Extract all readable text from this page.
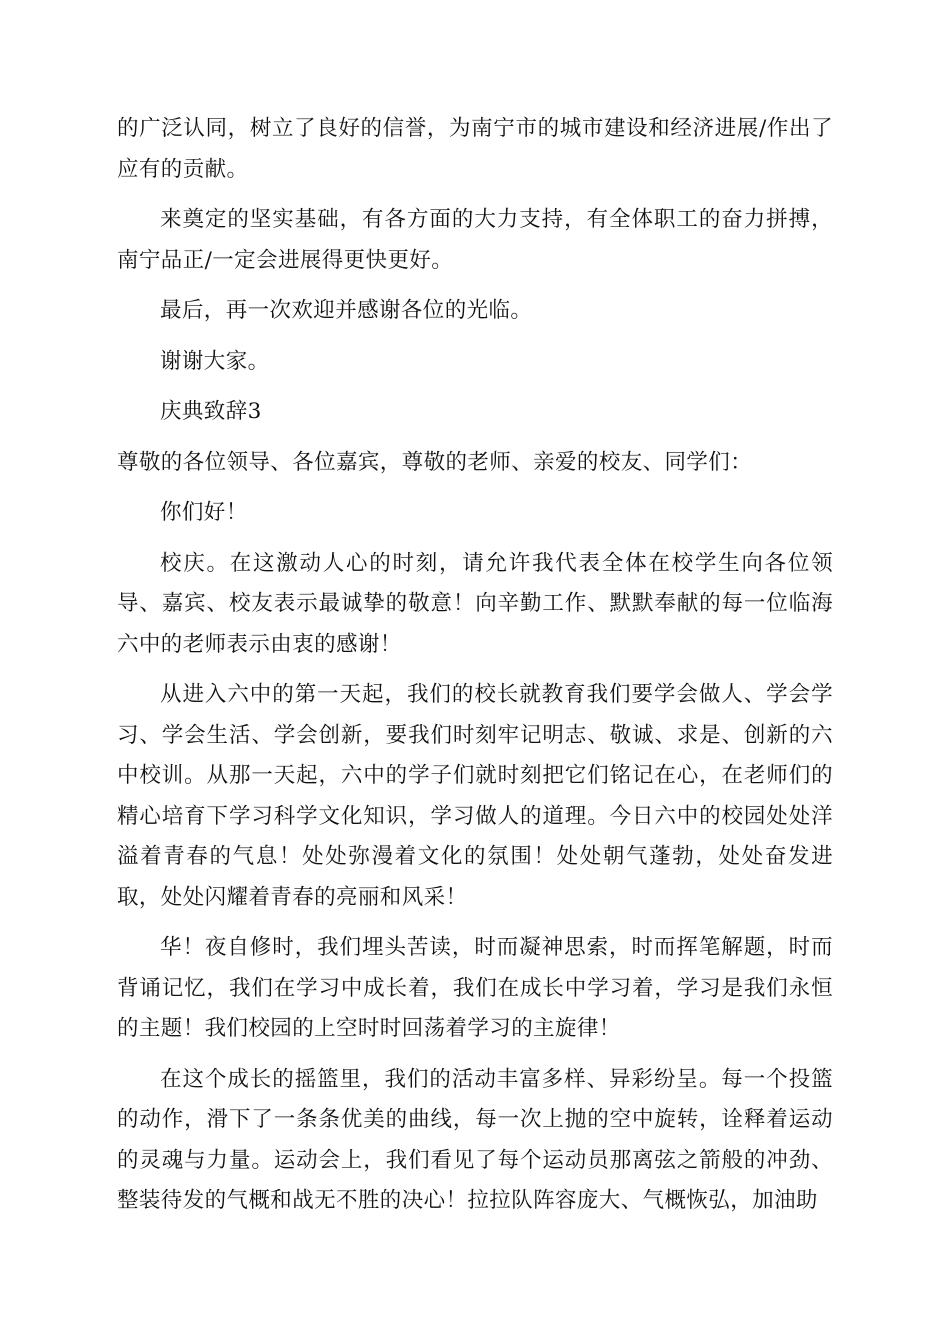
的广泛认同，树立了良好的信誉，为南宁市的城市建设和经济进展/作出了应有的贡献。

来奠定的坚实基础，有各方面的大力支持，有全体职工的奋力拼搏，南宁品正/一定会进展得更快更好。

最后，再一次欢迎并感谢各位的光临。

谢谢大家。

庆典致辞3

尊敬的各位领导、各位嘉宾，尊敬的老师、亲爱的校友、同学们：

你们好！

校庆。在这激动人心的时刻，请允许我代表全体在校学生向各位领导、嘉宾、校友表示最诚挚的敬意！向辛勤工作、默默奉献的每一位临海六中的老师表示由衷的感谢！

从进入六中的第一天起，我们的校长就教育我们要学会做人、学会学习、学会生活、学会创新，要我们时刻牢记明志、敬诚、求是、创新的六中校训。从那一天起，六中的学子们就时刻把它们铭记在心，在老师们的精心培育下学习科学文化知识，学习做人的道理。今日六中的校园处处洋溢着青春的气息！处处弥漫着文化的氛围！处处朝气蓬勃，处处奋发进取，处处闪耀着青春的亮丽和风采！

华！夜自修时，我们埋头苦读，时而凝神思索，时而挥笔解题，时而背诵记忆，我们在学习中成长着，我们在成长中学习着，学习是我们永恒的主题！我们校园的上空时时回荡着学习的主旋律！

在这个成长的摇篮里，我们的活动丰富多样、异彩纷呈。每一个投篮的动作，滑下了一条条优美的曲线，每一次上抛的空中旋转，诠释着运动的灵魂与力量。运动会上，我们看见了每个运动员那离弦之箭般的冲劲、整装待发的气概和战无不胜的决心！拉拉队阵容庞大、气概恢弘，加油助
